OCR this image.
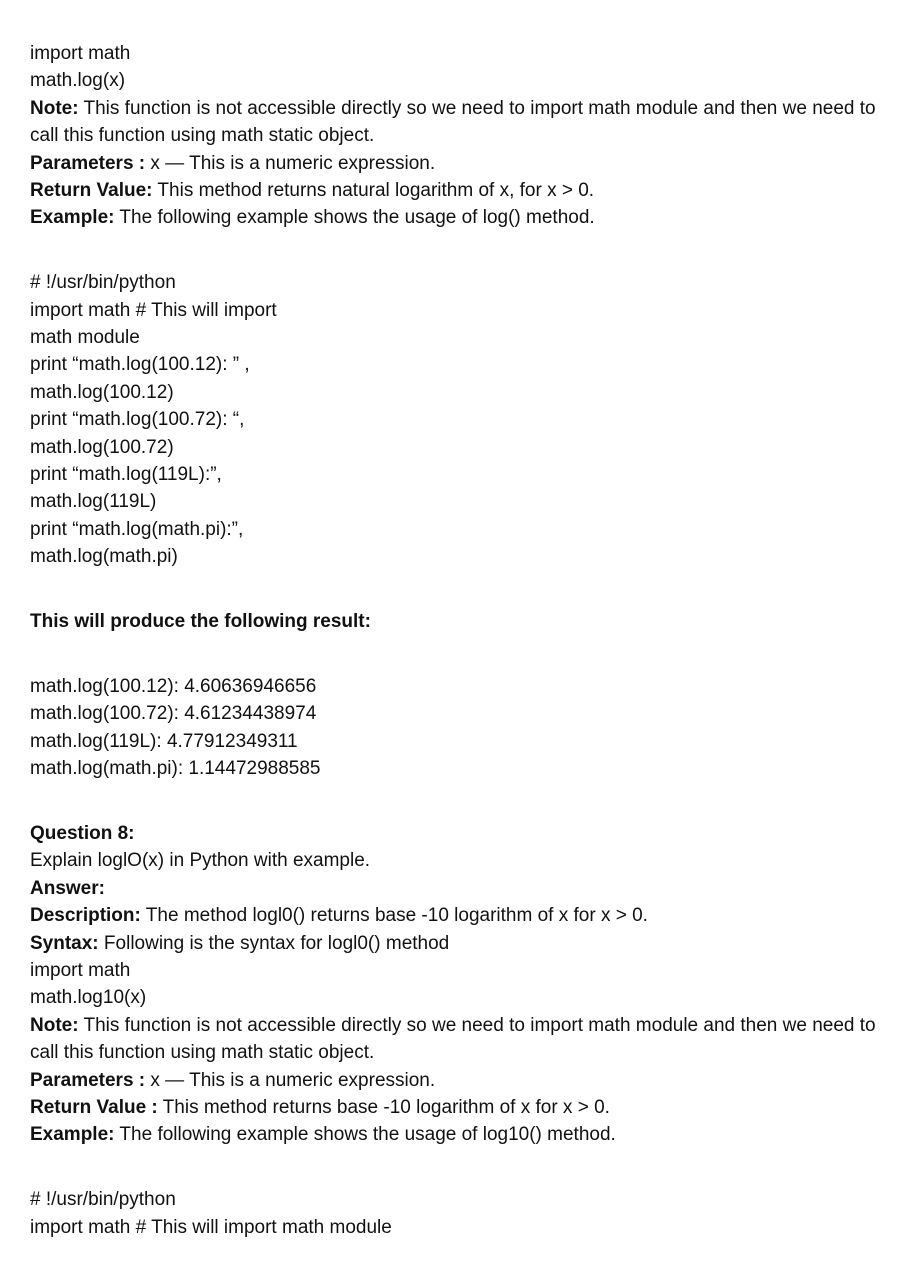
import math

math.log(x)

Note: This function is not accessible directly so we need to import math module and then we need to call this function using math static object.

Parameters : x — This is a numeric expression.

Return Value: This method returns natural logarithm of x, for x > 0.

Example: The following example shows the usage of log() method.

# !/usr/bin/python

import math # This will import

math module

print “math.log(100.12): ” ,

math.log(100.12)

print “math.log(100.72): “,

math.log(100.72)

print “math.log(119L):”,

math.log(119L)

print “math.log(math.pi):”,

math.log(math.pi)

This will produce the following result:

math.log(100.12): 4.60636946656

math.log(100.72): 4.61234438974

math.log(119L): 4.77912349311

math.log(math.pi): 1.14472988585

Question 8:

Explain loglO(x) in Python with example.

Answer:

Description: The method logl0() returns base -10 logarithm of x for x > 0.

Syntax: Following is the syntax for logl0() method

import math

math.log10(x)

Note: This function is not accessible directly so we need to import math module and then we need to call this function using math static object.

Parameters : x — This is a numeric expression.

Return Value : This method returns base -10 logarithm of x for x > 0.

Example: The following example shows the usage of log10() method.

# !/usr/bin/python

import math # This will import math module
